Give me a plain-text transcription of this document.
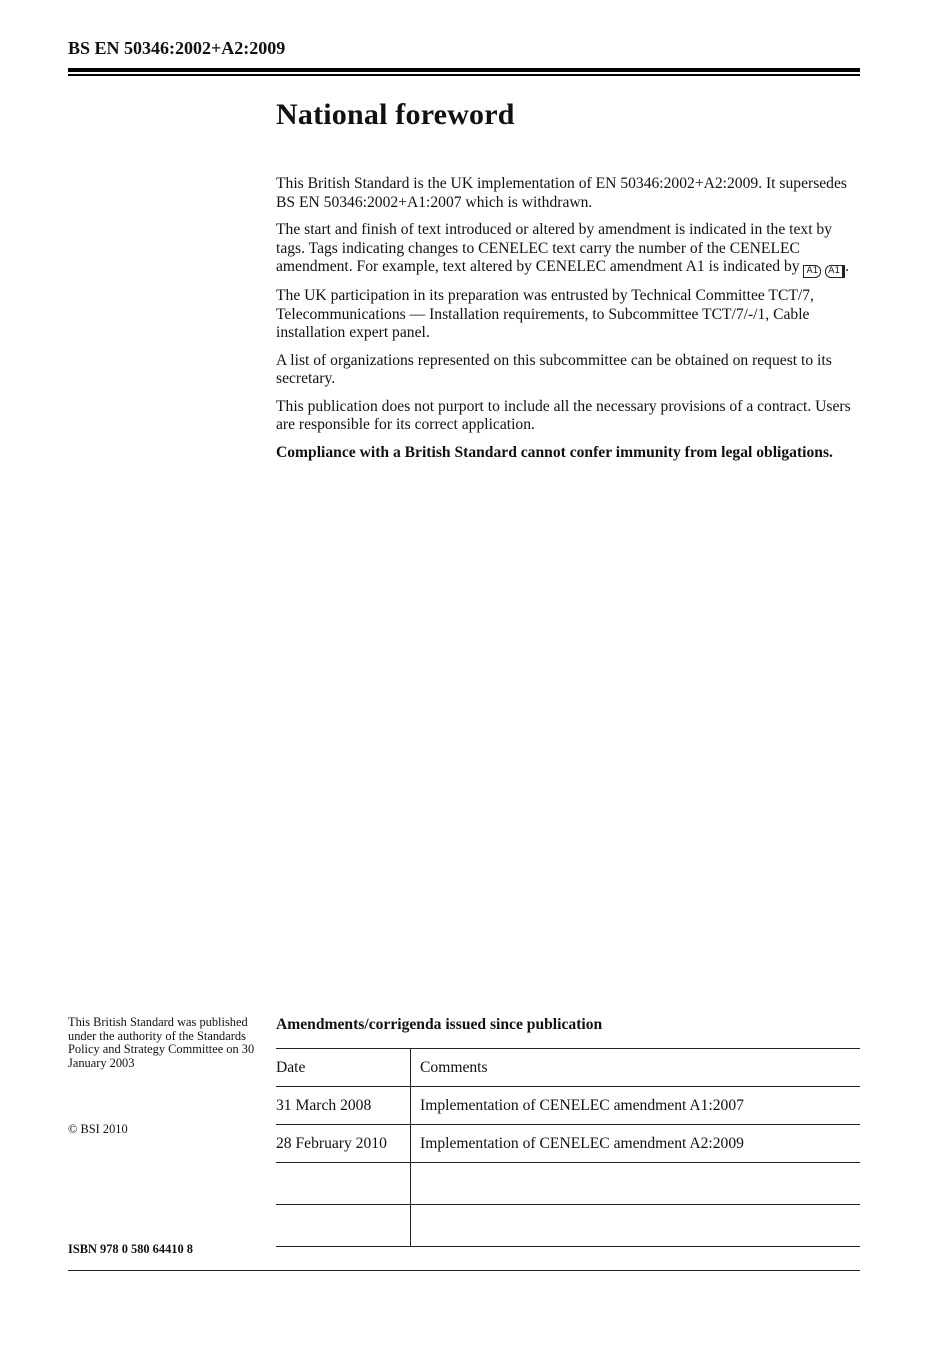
BS EN 50346:2002+A2:2009
National foreword

This British Standard is the UK implementation of EN 50346:2002+A2:2009. It supersedes BS EN 50346:2002+A1:2007 which is withdrawn.

The start and finish of text introduced or altered by amendment is indicated in the text by tags. Tags indicating changes to CENELEC text carry the number of the CENELEC amendment. For example, text altered by CENELEC amendment A1 is indicated by A1 A1 .

The UK participation in its preparation was entrusted by Technical Committee TCT/7, Telecommunications — Installation requirements, to Subcommittee TCT/7/-/1, Cable installation expert panel.

A list of organizations represented on this subcommittee can be obtained on request to its secretary.

This publication does not purport to include all the necessary provisions of a contract. Users are responsible for its correct application.

Compliance with a British Standard cannot confer immunity from legal obligations.

This British Standard was published under the authority of the Standards Policy and Strategy Committee on 30 January 2003
© BSI 2010
ISBN 978 0 580 64410 8
Amendments/corrigenda issued since publication
Date	Comments
31 March 2008	Implementation of CENELEC amendment A1:2007
28 February 2010	Implementation of CENELEC amendment A2:2009
